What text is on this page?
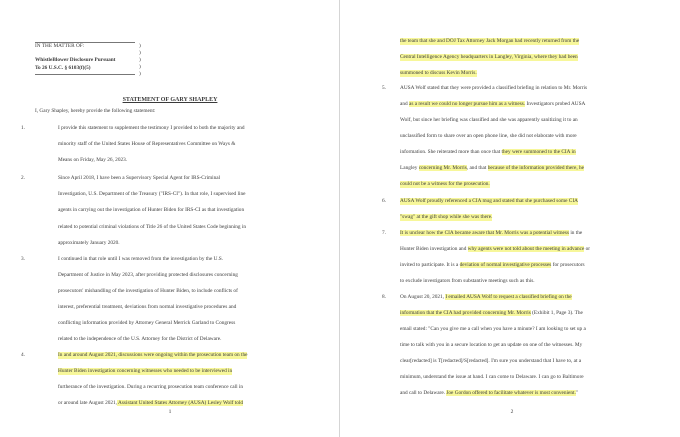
IN THE MATTER OF:
WhistleBlower Disclosure Pursuant
To 26 U.S.C. § 6103(f)(5)
)
)
)
)
)
STATEMENT OF GARY SHAPLEY
I, Gary Shapley, hereby provide the following statement:
1.	I provide this statement to supplement the testimony I provided to both the majority and
minority staff of the United States House of Representatives Committee on Ways &
Means on Friday, May 26, 2023.
2.	Since April 2018, I have been a Supervisory Special Agent for IRS-Criminal
Investigation, U.S. Department of the Treasury ("IRS-CI"). In that role, I supervised line
agents in carrying out the investigation of Hunter Biden for IRS-CI as that investigation
related to potential criminal violations of Title 26 of the United States Code beginning in
approximately January 2020.
3.	I continued in that role until I was removed from the investigation by the U.S.
Department of Justice in May 2023, after providing protected disclosures concerning
prosecutors' mishandling of the investigation of Hunter Biden, to include conflicts of
interest, preferential treatment, deviations from normal investigative procedures and
conflicting information provided by Attorney General Merrick Garland to Congress
related to the independence of the U.S. Attorney for the District of Delaware.
4.	In and around August 2021, discussions were ongoing within the prosecution team on the
Hunter Biden investigation concerning witnesses who needed to be interviewed in
furtherance of the investigation. During a recurring prosecution team conference call in
or around late August 2021, Assistant United States Attorney (AUSA) Lesley Wolf told
1
the team that she and DOJ Tax Attorney Jack Morgan had recently returned from the
Central Intelligence Agency headquarters in Langley, Virginia, where they had been
summoned to discuss Kevin Morris.
5.	AUSA Wolf stated that they were provided a classified briefing in relation to Mr. Morris
and as a result we could no longer pursue him as a witness. Investigators probed AUSA
Wolf, but since her briefing was classified and she was apparently sanitizing it to an
unclassified form to share over an open phone line, she did not elaborate with more
information. She reiterated more than once that they were summoned to the CIA in
Langley concerning Mr. Morris, and that because of the information provided there, he
could not be a witness for the prosecution.
6.	AUSA Wolf proudly referenced a CIA mug and stated that she purchased some CIA
"swag" at the gift shop while she was there.
7.	It is unclear how the CIA became aware that Mr. Morris was a potential witness in the
Hunter Biden investigation and why agents were not told about the meeting in advance or
invited to participate. It is a deviation of normal investigative processes for prosecutors
to exclude investigators from substantive meetings such as this.
8.	On August 20, 2021, I emailed AUSA Wolf to request a classified briefing on the
information that the CIA had provided concerning Mr. Morris (Exhibit 1, Page 3). The
email stated: "Can you give me a call when you have a minute? I am looking to set up a
time to talk with you in a secure location to get an update on one of the witnesses. My
clear[redacted] is T[redacted]/S[redacted]. I'm sure you understand that I have to, at a
minimum, understand the issue at hand. I can come to Delaware. I can go to Baltimore
and call to Delaware. Joe Gordon offered to facilitate whatever is most convenient."
2
